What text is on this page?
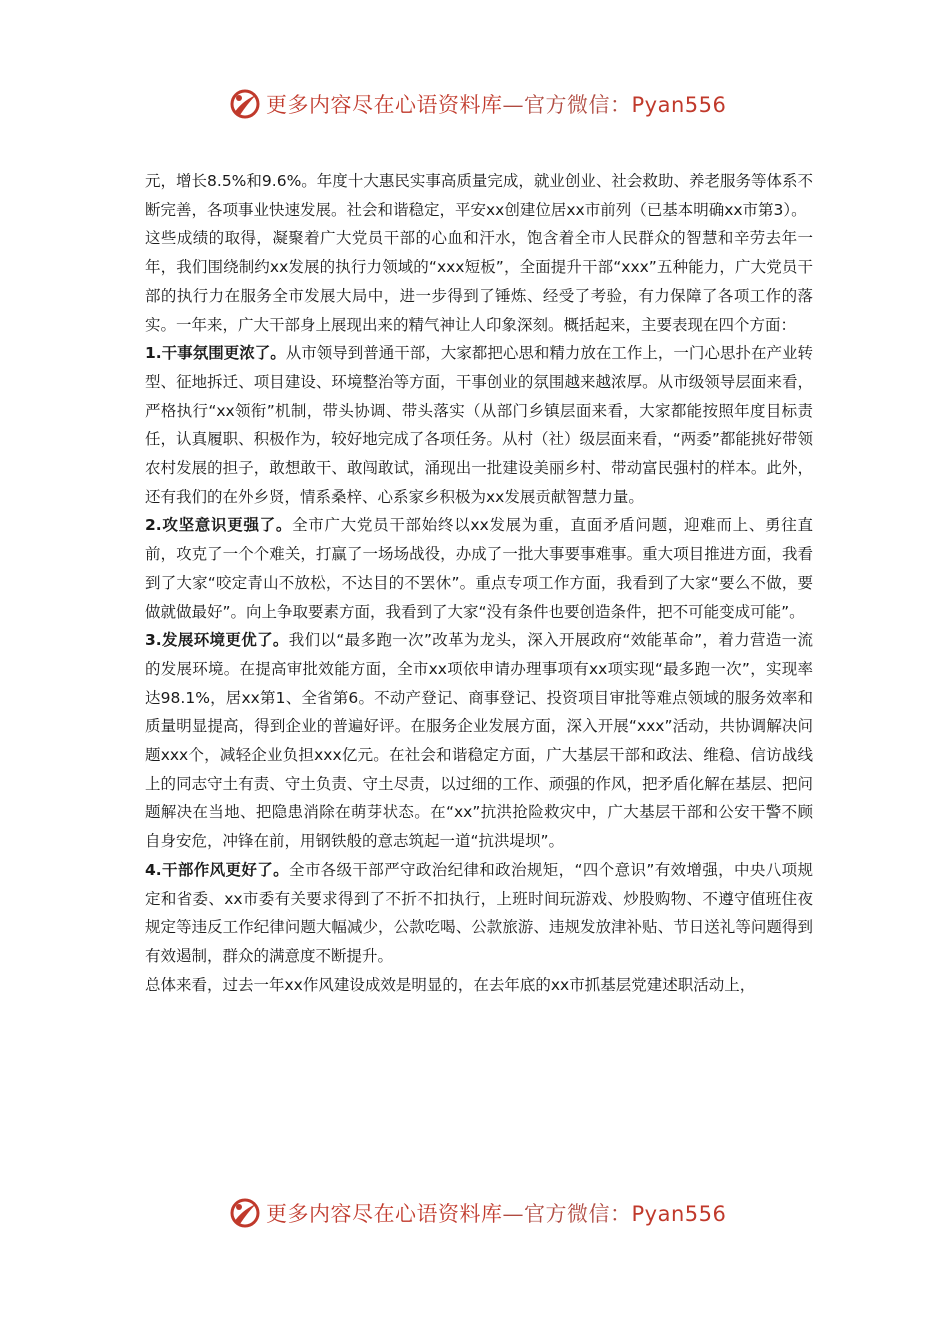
更多内容尽在心语资料库—官方微信：Pyan556

元，增长8.5%和9.6%。年度十大惠民实事高质量完成，就业创业、社会救助、养老服务等体系不断完善，各项事业快速发展。社会和谐稳定，平安xx创建位居xx市前列（已基本明确xx市第3）。

这些成绩的取得，凝聚着广大党员干部的心血和汗水，饱含着全市人民群众的智慧和辛劳去年一年，我们围绕制约xx发展的执行力领域的“xxx短板”，全面提升干部“xxx”五种能力，广大党员干部的执行力在服务全市发展大局中，进一步得到了锤炼、经受了考验，有力保障了各项工作的落实。一年来，广大干部身上展现出来的精气神让人印象深刻。概括起来，主要表现在四个方面：

1.干事氛围更浓了。从市领导到普通干部，大家都把心思和精力放在工作上，一门心思扑在产业转型、征地拆迁、项目建设、环境整治等方面，干事创业的氛围越来越浓厚。从市级领导层面来看，严格执行“xx领衔”机制，带头协调、带头落实（从部门乡镇层面来看，大家都能按照年度目标责任，认真履职、积极作为，较好地完成了各项任务。从村（社）级层面来看，“两委”都能挑好带领农村发展的担子，敢想敢干、敢闯敢试，涌现出一批建设美丽乡村、带动富民强村的样本。此外，还有我们的在外乡贤，情系桑梓、心系家乡积极为xx发展贡献智慧力量。

2.攻坚意识更强了。全市广大党员干部始终以xx发展为重，直面矛盾问题，迎难而上、勇往直前，攻克了一个个难关，打赢了一场场战役，办成了一批大事要事难事。重大项目推进方面，我看到了大家“咬定青山不放松，不达目的不罢休”。重点专项工作方面，我看到了大家“要么不做，要做就做最好”。向上争取要素方面，我看到了大家“没有条件也要创造条件，把不可能变成可能”。

3.发展环境更优了。我们以“最多跑一次”改革为龙头，深入开展政府“效能革命”，着力营造一流的发展环境。在提高审批效能方面，全市xx项依申请办理事项有xx项实现“最多跑一次”，实现率达98.1%，居xx第1、全省第6。不动产登记、商事登记、投资项目审批等难点领域的服务效率和质量明显提高，得到企业的普遍好评。在服务企业发展方面，深入开展“xxx”活动，共协调解决问题xxx个，减轻企业负担xxx亿元。在社会和谐稳定方面，广大基层干部和政法、维稳、信访战线上的同志守土有责、守土负责、守土尽责，以过细的工作、顽强的作风，把矛盾化解在基层、把问题解决在当地、把隐患消除在萌芽状态。在“xx”抗洪抢险救灾中，广大基层干部和公安干警不顾自身安危，冲锋在前，用钢铁般的意志筑起一道“抗洪堤坝”。

4.干部作风更好了。全市各级干部严守政治纪律和政治规矩，“四个意识”有效增强，中央八项规定和省委、xx市委有关要求得到了不折不扣执行，上班时间玩游戏、炒股购物、不遵守值班住夜规定等违反工作纪律问题大幅减少，公款吃喝、公款旅游、违规发放津补贴、节日送礼等问题得到有效遏制，群众的满意度不断提升。

总体来看，过去一年xx作风建设成效是明显的，在去年底的xx市抓基层党建述职活动上，

更多内容尽在心语资料库—官方微信：Pyan556
